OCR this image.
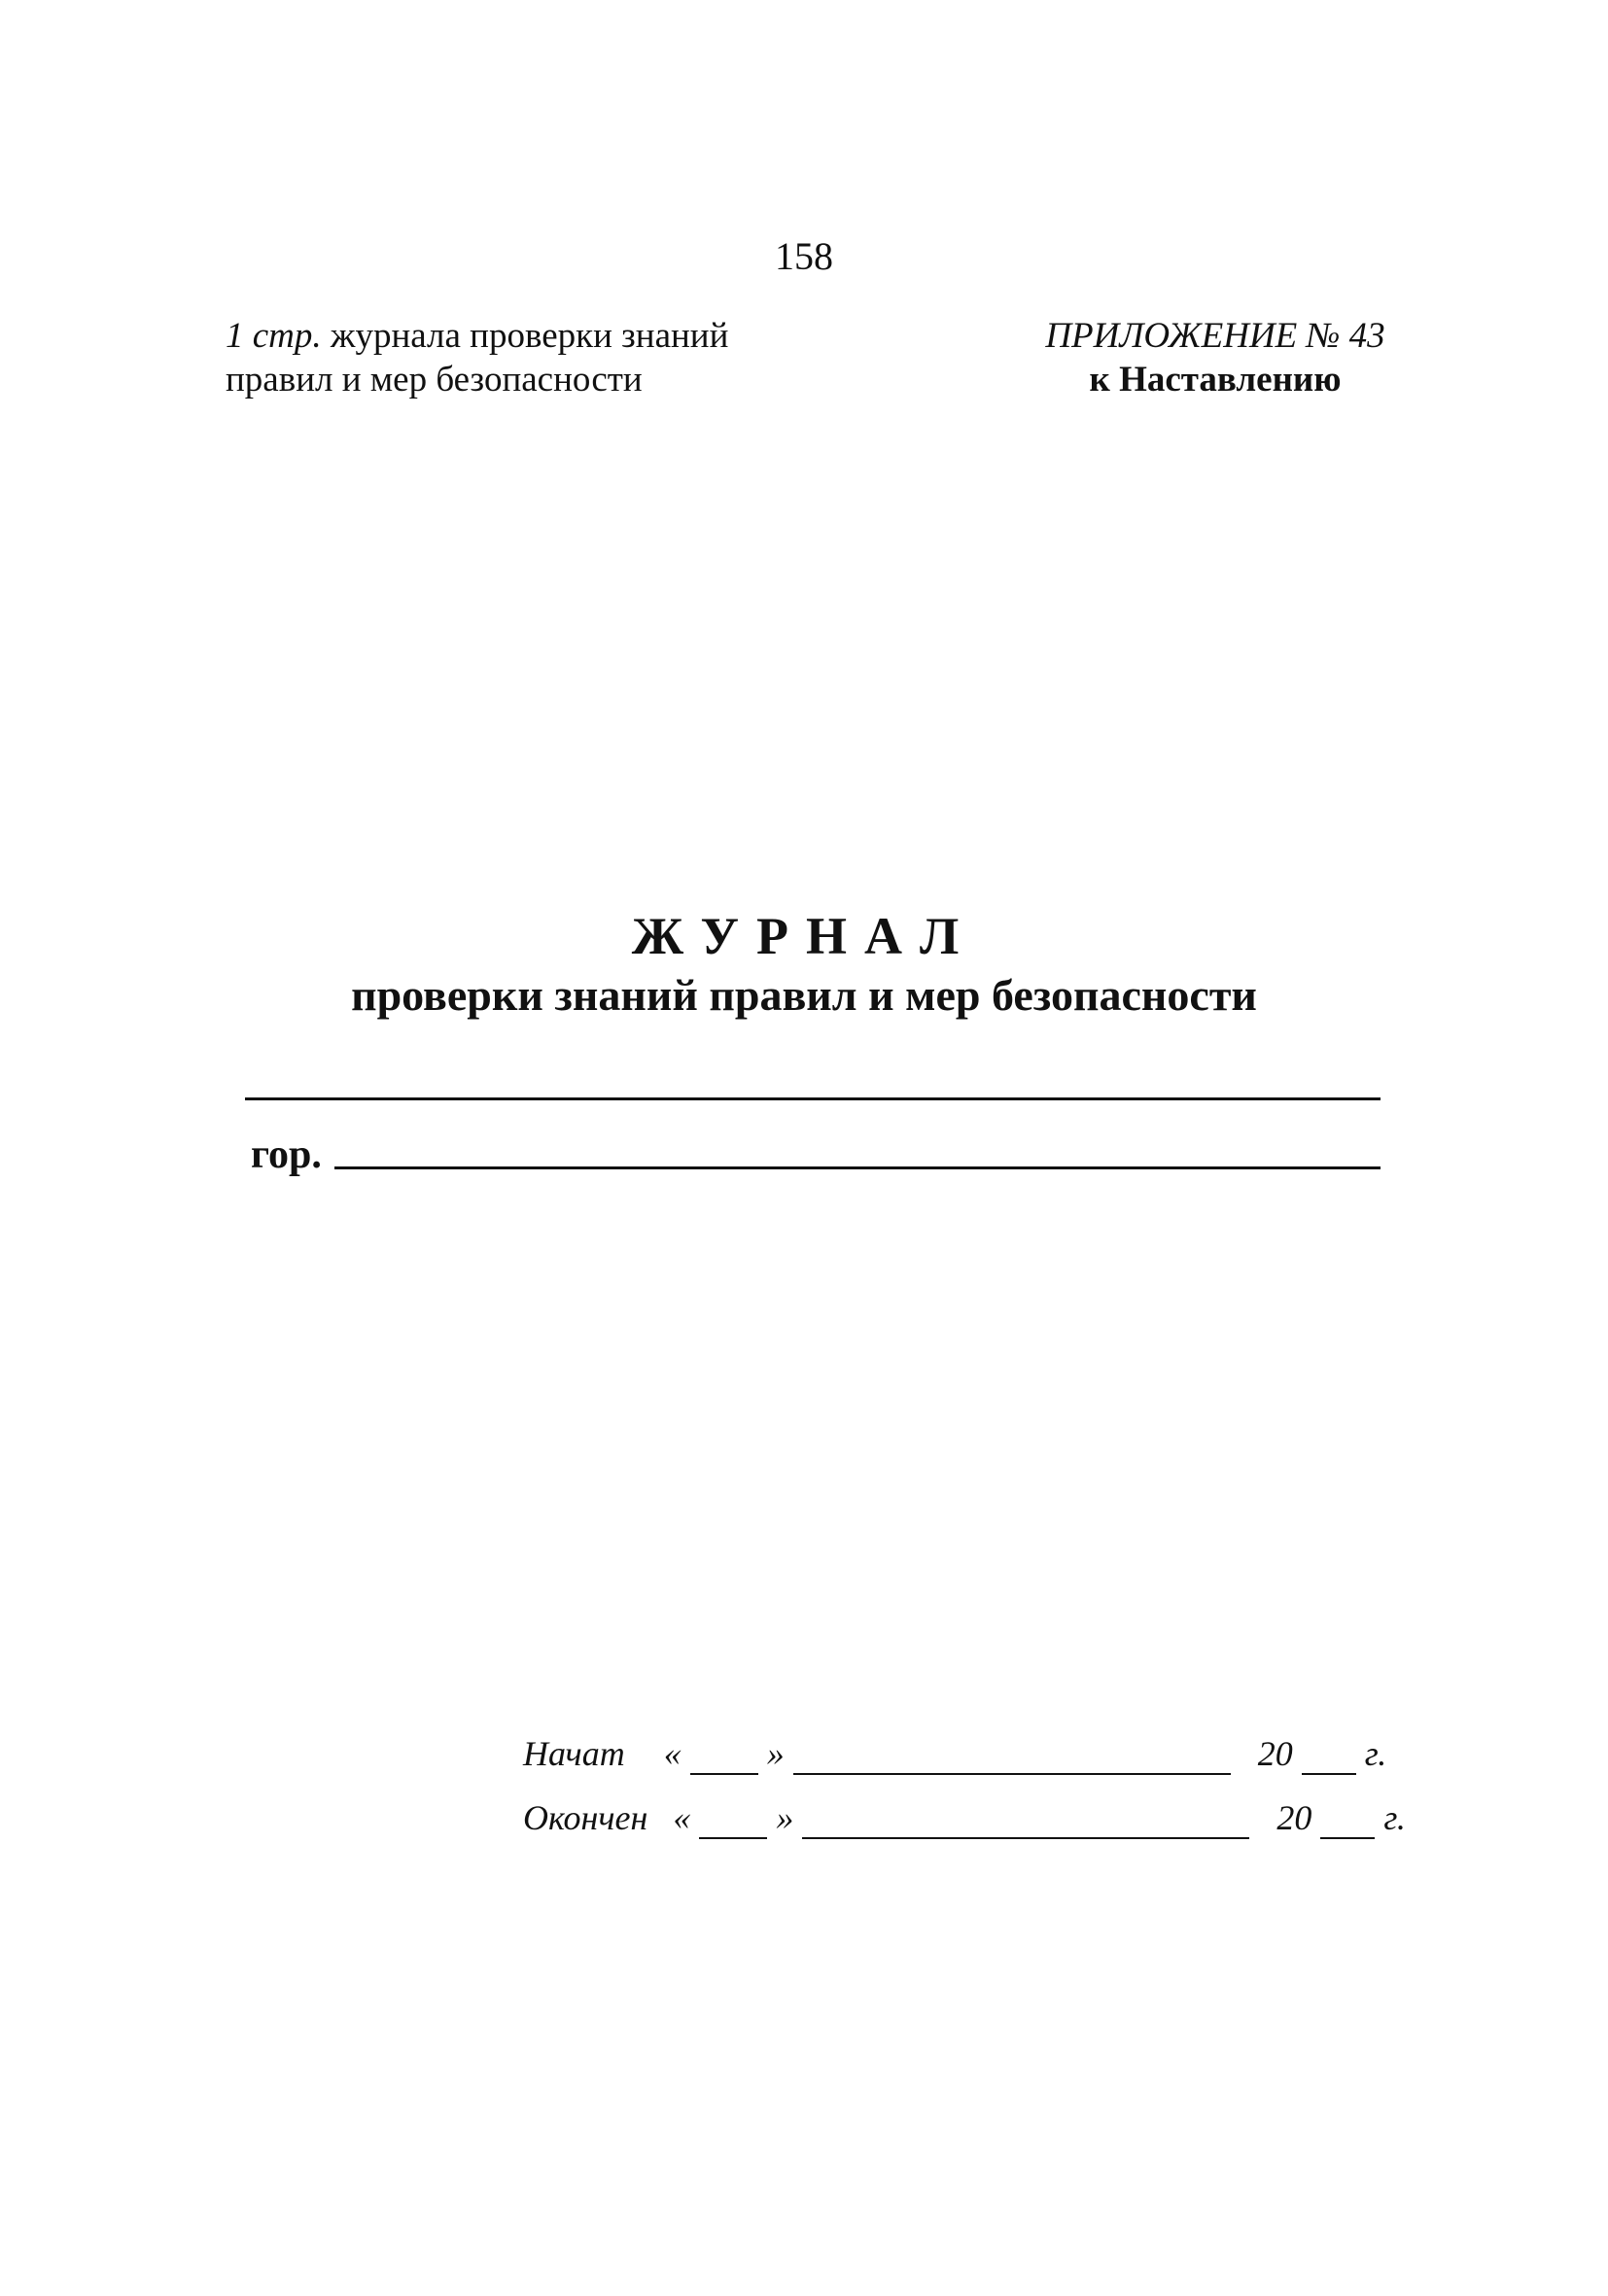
158
1 стр. журнала проверки знаний
правил и мер безопасности
ПРИЛОЖЕНИЕ № 43
к Наставлению
ЖУРНАЛ
проверки знаний правил и мер безопасности
гор.
Начат « »	20 г.
Окончен « »	20 г.
